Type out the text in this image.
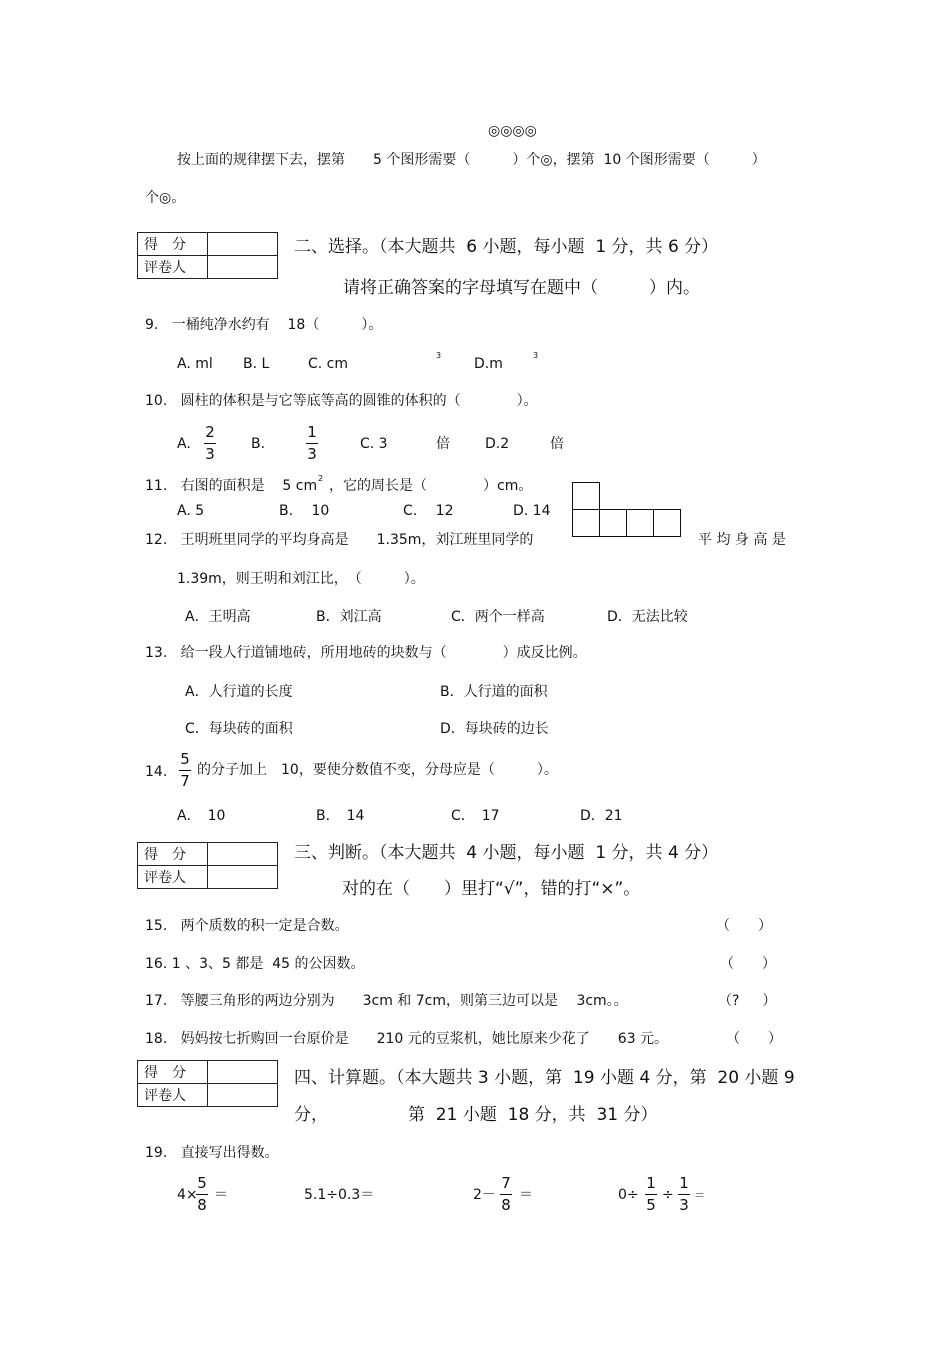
◎◎◎◎
按上面的规律摆下去，摆第　　5 个图形需要（　　　）个◎，摆第  10 个图形需要（　　　）
个◎。
得　分	
评卷人	
二、选择。（本大题共  6 小题，每小题  1 分，共 6 分）
请将正确答案的字母填写在题中（　　　）内。
9.   一桶纯净水约有    18（　　　）。
A. ml B. L	C. cm
3
D.m
3
10.   圆柱的体积是与它等底等高的圆锥的体积的（　　　　）。
A.
2
3
B.
1
3
C. 3	倍	D.2	倍
11.   右图的面积是    5 cm 2 ，它的周长是（　　　　）cm。
A. 5	B.　 10	C.　 12	D. 14
12.   王明班里同学的平均身高是　　1.35m，刘江班里同学的	平 均 身 高 是
1.39m，则王明和刘江比，　（　　　）。
A．王明高	B．刘江高	C．两个一样高	D．无法比较
13.   给一段人行道铺地砖，所用地砖的块数与（　　　　）成反比例。
A．人行道的长度	B．人行道的面积
C．每块砖的面积	D．每块砖的边长
14.
5
7
的分子加上　10，要使分数值不变，分母应是（　　　）。
A．　10	B．　14	C．　17	D．21
得　分	
评卷人	
三、判断。（本大题共  4 小题，每小题  1 分，共 4 分）
对的在（　　）里打“√”，错的打“×”。
15.   两个质数的积一定是合数。	（　　）
16. 1 、3、5 都是  45 的公因数。	（　　）
17.   等腰三角形的两边分别为　　3cm 和 7cm，则第三边可以是　 3cm。。	（?　  ）
18.   妈妈按七折购回一台原价是　　210 元的豆浆机，她比原来少花了　　63 元。	（　　）
得　分	
评卷人	
四、计算题。（本大题共 3 小题，第  19 小题 4 分，第  20 小题 9
分，	第  21 小题  18 分，共  31 分）
19.   直接写出得数。
4×
5
8
＝	5.1÷0.3＝	2－
7
8
＝	0÷
1
5
÷
1
3
＝
